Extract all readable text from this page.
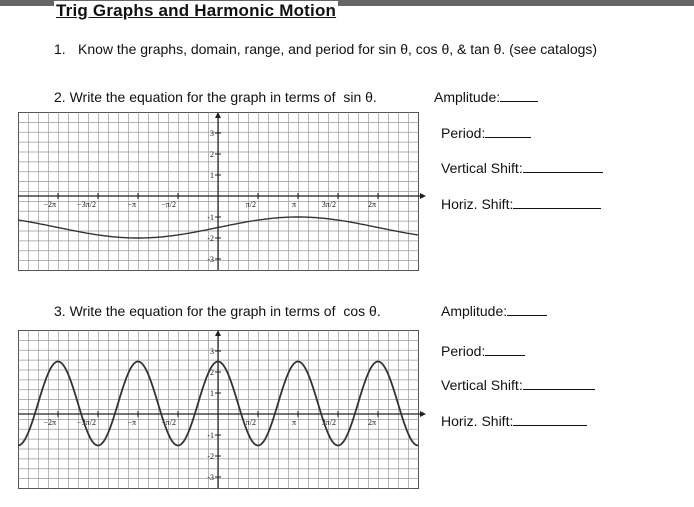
Trig Graphs and Harmonic Motion
1. Know the graphs, domain, range, and period for sin θ, cos θ, & tan θ. (see catalogs)
2. Write the equation for the graph in terms of sin θ.	Amplitude:
Period:
Vertical Shift:
Horiz. Shift:
−2π	−3π/2	−π	−π/2	π/2	π	3π/2	2π
3
2
1
-1
-2
-3
3. Write the equation for the graph in terms of cos θ.	Amplitude:
Period:
Vertical Shift:
Horiz. Shift:
−2π	−3π/2	−π	−π/2	π/2	π	3π/2	2π
3
2
1
-1
-2
-3
